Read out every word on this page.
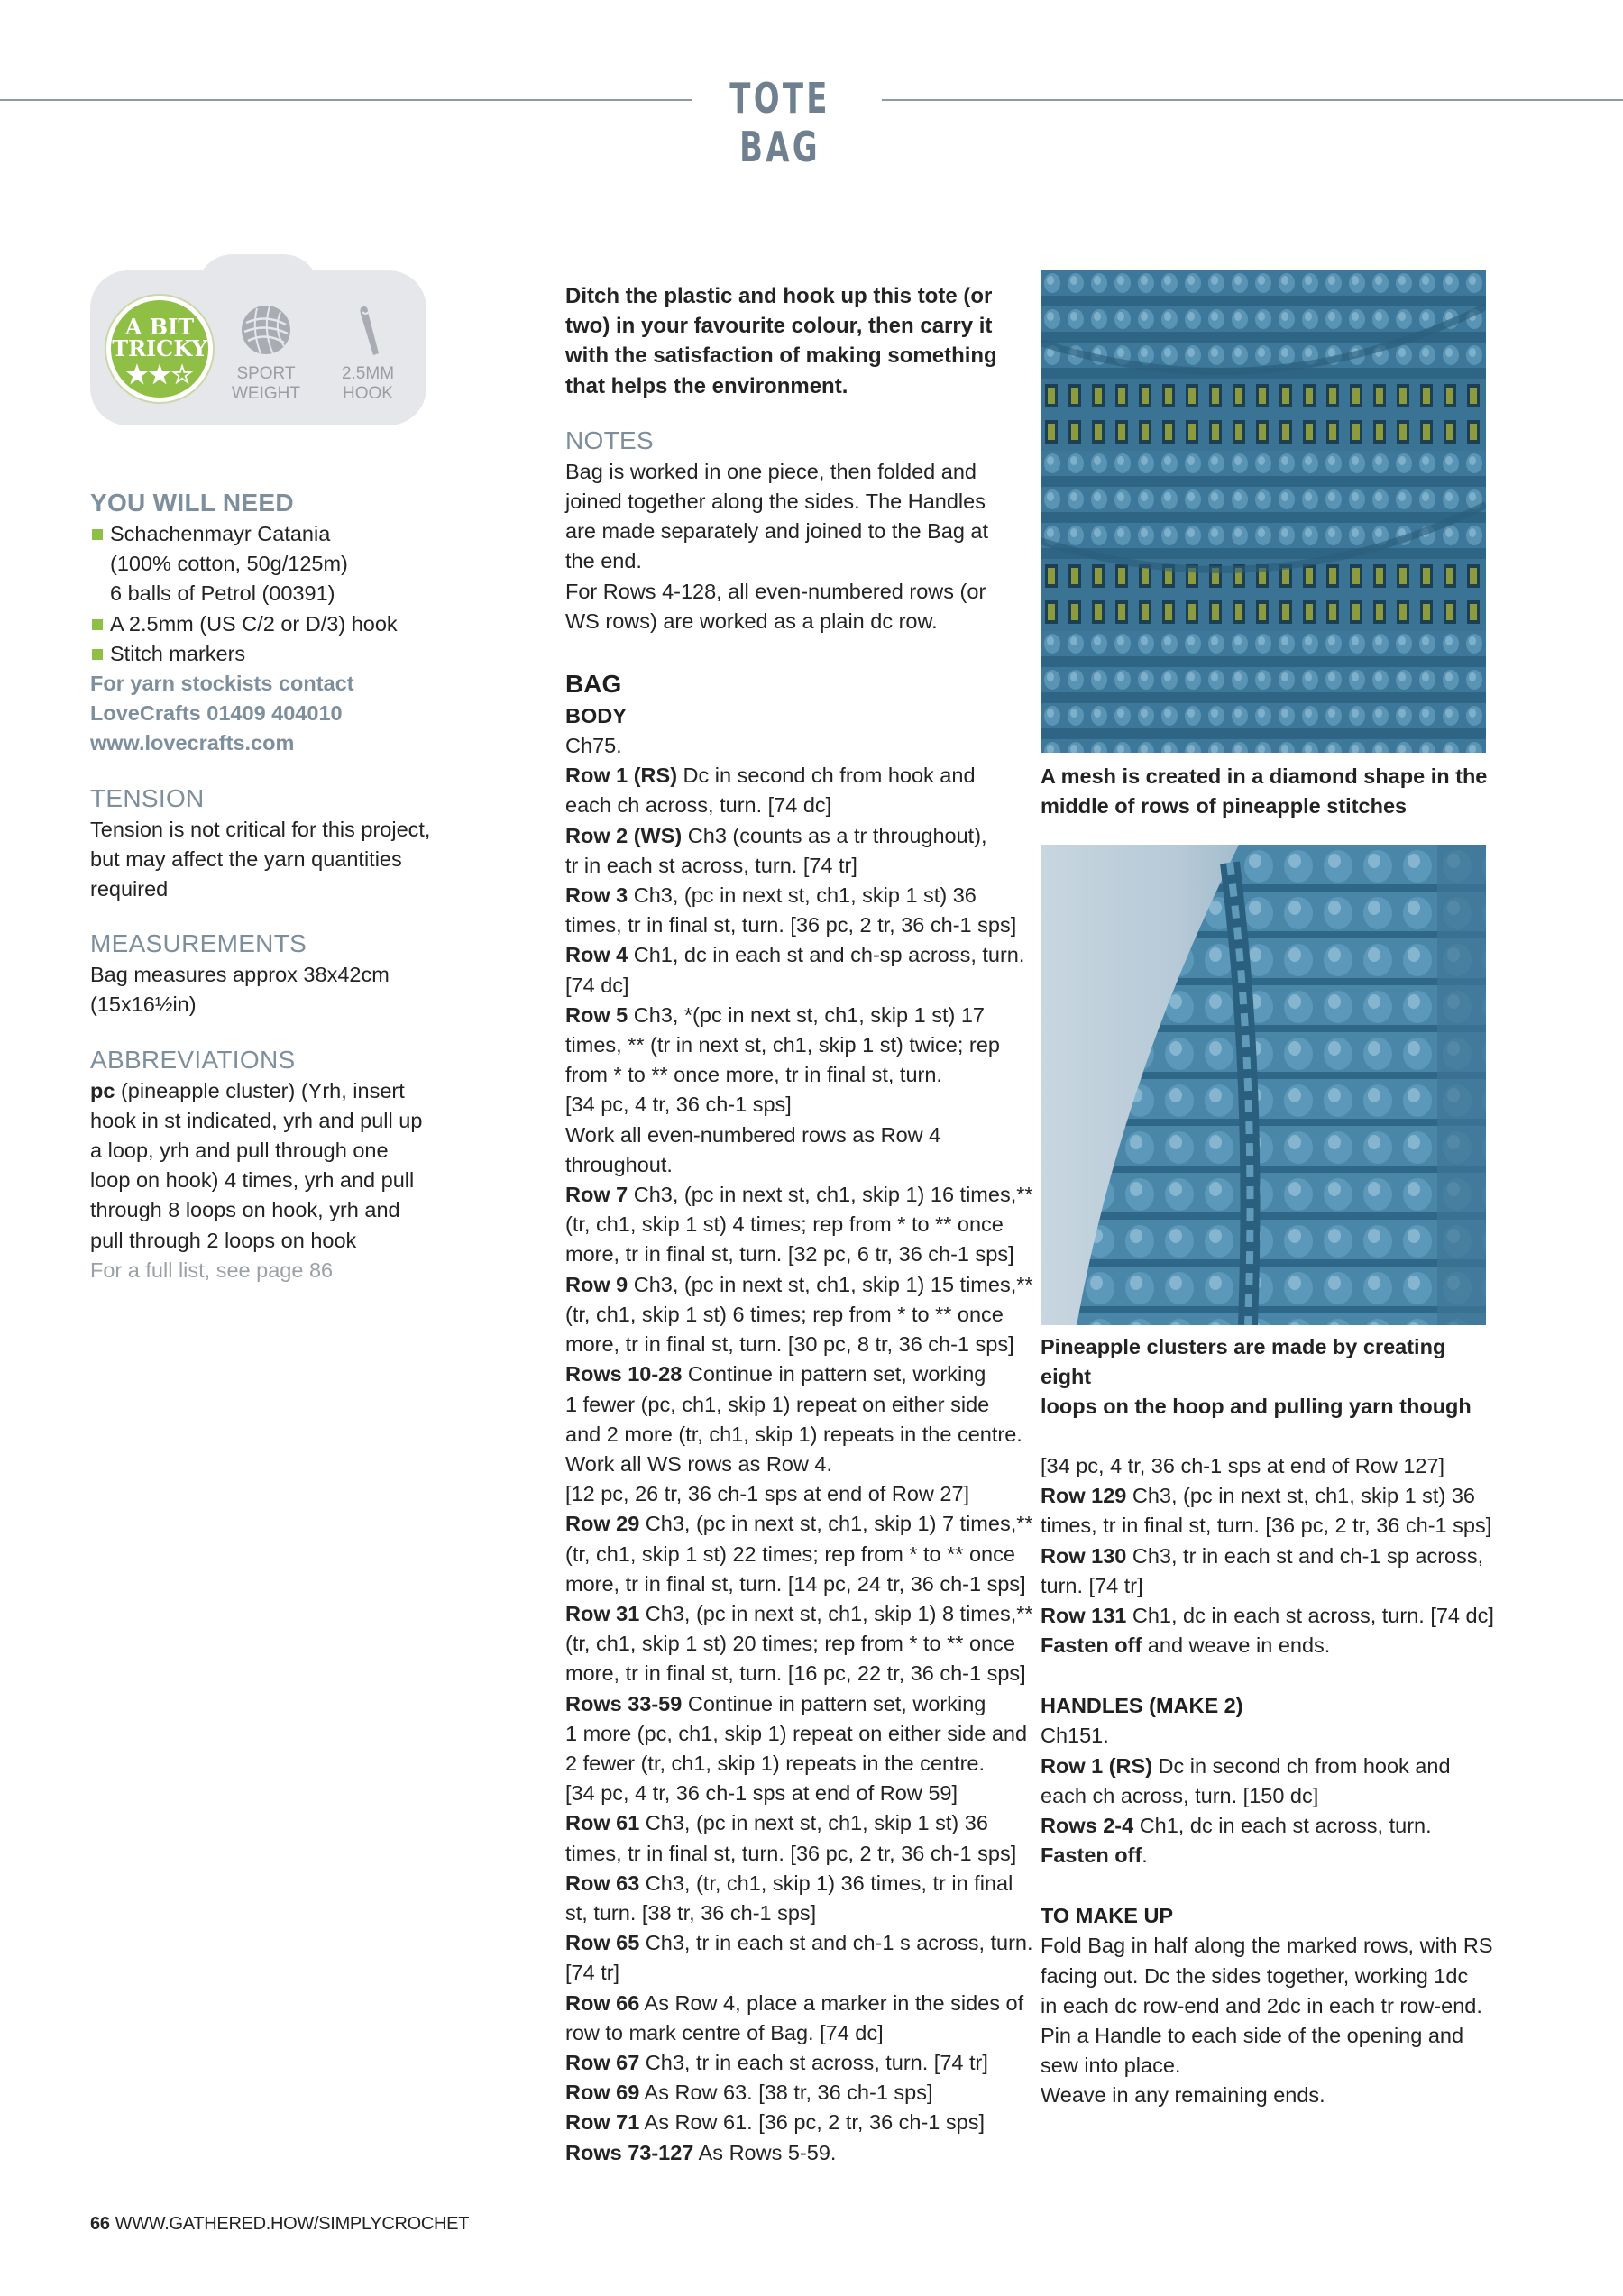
TOTE BAG
A BIT
TRICKY
★★☆	SPORT
WEIGHT
2.5MM
HOOK

YOU WILL NEED

Schachenmayr Catania

(100% cotton, 50g/125m)

6 balls of Petrol (00391)

A 2.5mm (US C/2 or D/3) hook

Stitch markers

For yarn stockists contact

LoveCrafts 01409 404010

www.lovecrafts.com

TENSION

Tension is not critical for this project,

but may affect the yarn quantities

required

MEASUREMENTS

Bag measures approx 38x42cm

(15x16½in)

ABBREVIATIONS

pc (pineapple cluster) (Yrh, insert

hook in st indicated, yrh and pull up

a loop, yrh and pull through one

loop on hook) 4 times, yrh and pull

through 8 loops on hook, yrh and

pull through 2 loops on hook

For a full list, see page 86

Ditch the plastic and hook up this tote (or

two) in your favourite colour, then carry it

with the satisfaction of making something

that helps the environment.

NOTES

Bag is worked in one piece, then folded and

joined together along the sides. The Handles

are made separately and joined to the Bag at

the end.

For Rows 4-128, all even-numbered rows (or

WS rows) are worked as a plain dc row.

BAG

BODY

Ch75.

Row 1 (RS) Dc in second ch from hook and

each ch across, turn. [74 dc]

Row 2 (WS) Ch3 (counts as a tr throughout),

tr in each st across, turn. [74 tr]

Row 3 Ch3, (pc in next st, ch1, skip 1 st) 36

times, tr in final st, turn. [36 pc, 2 tr, 36 ch-1 sps]

Row 4 Ch1, dc in each st and ch-sp across, turn.

[74 dc]

Row 5 Ch3, *(pc in next st, ch1, skip 1 st) 17

times, ** (tr in next st, ch1, skip 1 st) twice; rep

from * to ** once more, tr in final st, turn.

[34 pc, 4 tr, 36 ch-1 sps]

Work all even-numbered rows as Row 4

throughout.

Row 7 Ch3, (pc in next st, ch1, skip 1) 16 times,**

(tr, ch1, skip 1 st) 4 times; rep from * to ** once

more, tr in final st, turn. [32 pc, 6 tr, 36 ch-1 sps]

Row 9 Ch3, (pc in next st, ch1, skip 1) 15 times,**

(tr, ch1, skip 1 st) 6 times; rep from * to ** once

more, tr in final st, turn. [30 pc, 8 tr, 36 ch-1 sps]

Rows 10-28 Continue in pattern set, working

1 fewer (pc, ch1, skip 1) repeat on either side

and 2 more (tr, ch1, skip 1) repeats in the centre.

Work all WS rows as Row 4.

[12 pc, 26 tr, 36 ch-1 sps at end of Row 27]

Row 29 Ch3, (pc in next st, ch1, skip 1) 7 times,**

(tr, ch1, skip 1 st) 22 times; rep from * to ** once

more, tr in final st, turn. [14 pc, 24 tr, 36 ch-1 sps]

Row 31 Ch3, (pc in next st, ch1, skip 1) 8 times,**

(tr, ch1, skip 1 st) 20 times; rep from * to ** once

more, tr in final st, turn. [16 pc, 22 tr, 36 ch-1 sps]

Rows 33-59 Continue in pattern set, working

1 more (pc, ch1, skip 1) repeat on either side and

2 fewer (tr, ch1, skip 1) repeats in the centre.

[34 pc, 4 tr, 36 ch-1 sps at end of Row 59]

Row 61 Ch3, (pc in next st, ch1, skip 1 st) 36

times, tr in final st, turn. [36 pc, 2 tr, 36 ch-1 sps]

Row 63 Ch3, (tr, ch1, skip 1) 36 times, tr in final

st, turn. [38 tr, 36 ch-1 sps]

Row 65 Ch3, tr in each st and ch-1 s across, turn.

[74 tr]

Row 66 As Row 4, place a marker in the sides of

row to mark centre of Bag. [74 dc]

Row 67 Ch3, tr in each st across, turn. [74 tr]

Row 69 As Row 63. [38 tr, 36 ch-1 sps]

Row 71 As Row 61. [36 pc, 2 tr, 36 ch-1 sps]

Rows 73-127 As Rows 5-59.

A mesh is created in a diamond shape in the

middle of rows of pineapple stitches

Pineapple clusters are made by creating eight

loops on the hoop and pulling yarn though

[34 pc, 4 tr, 36 ch-1 sps at end of Row 127]

Row 129 Ch3, (pc in next st, ch1, skip 1 st) 36

times, tr in final st, turn. [36 pc, 2 tr, 36 ch-1 sps]

Row 130 Ch3, tr in each st and ch-1 sp across,

turn. [74 tr]

Row 131 Ch1, dc in each st across, turn. [74 dc]

Fasten off and weave in ends.

HANDLES (MAKE 2)

Ch151.

Row 1 (RS) Dc in second ch from hook and

each ch across, turn. [150 dc]

Rows 2-4 Ch1, dc in each st across, turn.

Fasten off.

TO MAKE UP

Fold Bag in half along the marked rows, with RS

facing out. Dc the sides together, working 1dc

in each dc row-end and 2dc in each tr row-end.

Pin a Handle to each side of the opening and

sew into place.

Weave in any remaining ends.

66 WWW.GATHERED.HOW/SIMPLYCROCHET
